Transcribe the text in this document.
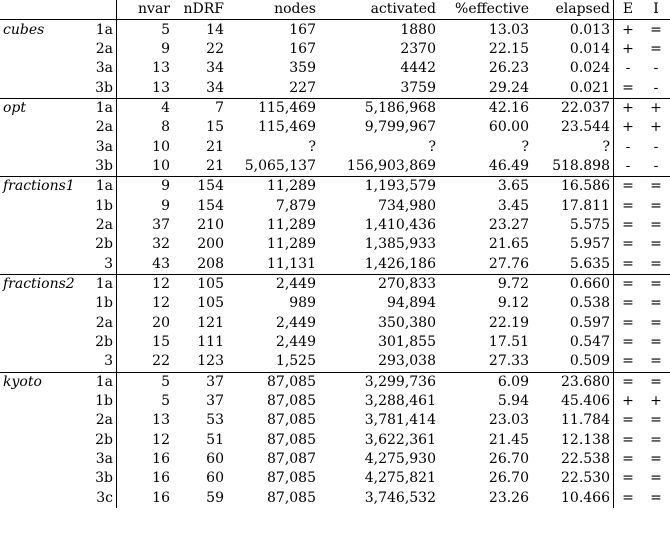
		nvar	nDRF	nodes	activated	%effective	elapsed	E	I
cubes	1a	5	14	167	1880	13.03	0.013	+	=
	2a	9	22	167	2370	22.15	0.014	+	=
	3a	13	34	359	4442	26.23	0.024	-	-
	3b	13	34	227	3759	29.24	0.021	=	-
opt	1a	4	7	115,469	5,186,968	42.16	22.037	+	+
	2a	8	15	115,469	9,799,967	60.00	23.544	+	+
	3a	10	21	?	?	?	?	-	-
	3b	10	21	5,065,137	156,903,869	46.49	518.898	-	-
fractions1	1a	9	154	11,289	1,193,579	3.65	16.586	=	=
	1b	9	154	7,879	734,980	3.45	17.811	=	=
	2a	37	210	11,289	1,410,436	23.27	5.575	=	=
	2b	32	200	11,289	1,385,933	21.65	5.957	=	=
	3	43	208	11,131	1,426,186	27.76	5.635	=	=
fractions2	1a	12	105	2,449	270,833	9.72	0.660	=	=
	1b	12	105	989	94,894	9.12	0.538	=	=
	2a	20	121	2,449	350,380	22.19	0.597	=	=
	2b	15	111	2,449	301,855	17.51	0.547	=	=
	3	22	123	1,525	293,038	27.33	0.509	=	=
kyoto	1a	5	37	87,085	3,299,736	6.09	23.680	=	=
	1b	5	37	87,085	3,288,461	5.94	45.406	+	+
	2a	13	53	87,085	3,781,414	23.03	11.784	=	=
	2b	12	51	87,085	3,622,361	21.45	12.138	=	=
	3a	16	60	87,087	4,275,930	26.70	22.538	=	=
	3b	16	60	87,085	4,275,821	26.70	22.530	=	=
	3c	16	59	87,085	3,746,532	23.26	10.466	=	=
